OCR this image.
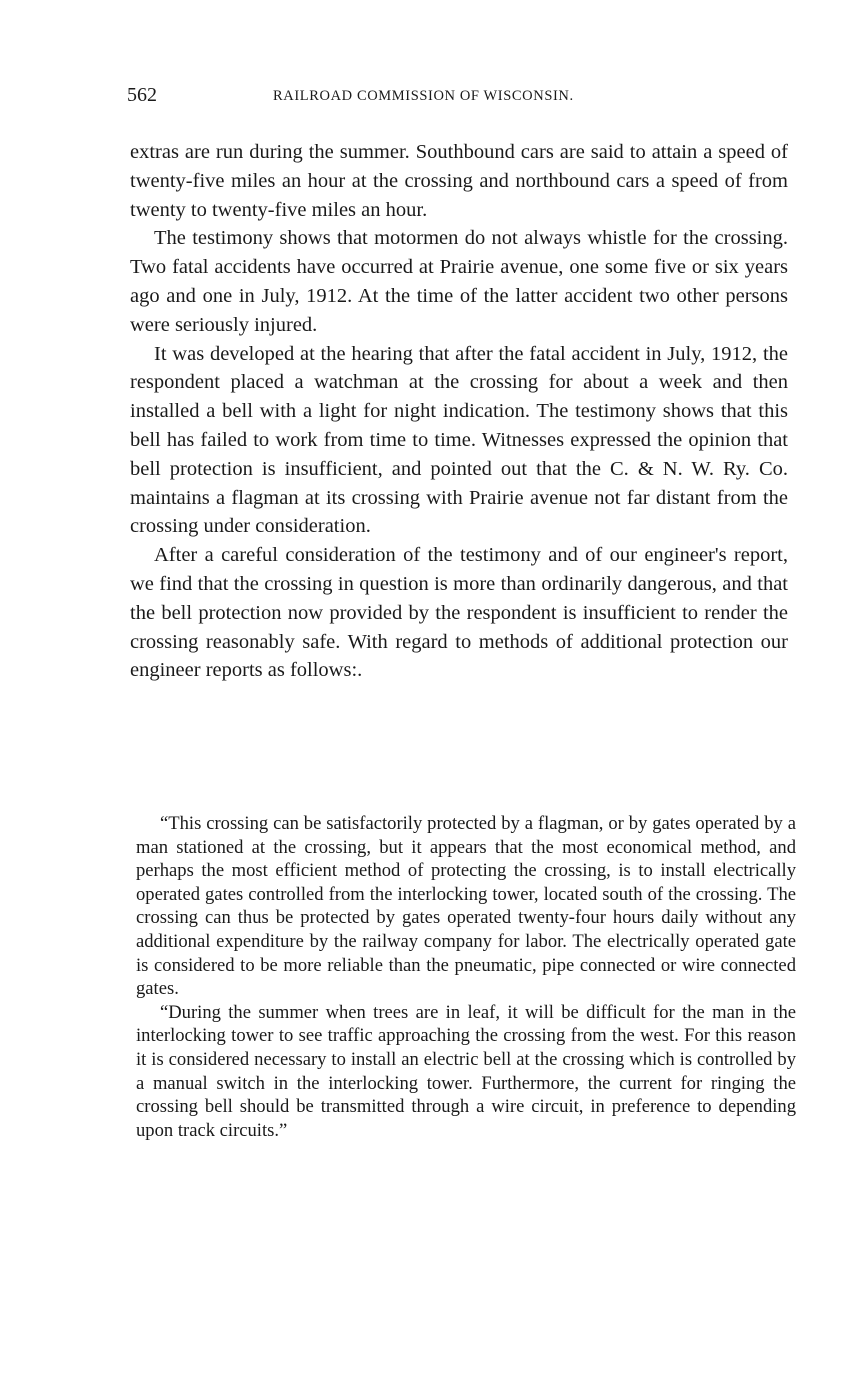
562	RAILROAD COMMISSION OF WISCONSIN.

extras are run during the summer. Southbound cars are said to attain a speed of twenty-five miles an hour at the crossing and northbound cars a speed of from twenty to twenty-five miles an hour.

The testimony shows that motormen do not always whistle for the crossing. Two fatal accidents have occurred at Prairie avenue, one some five or six years ago and one in July, 1912. At the time of the latter accident two other persons were seriously injured.

It was developed at the hearing that after the fatal accident in July, 1912, the respondent placed a watchman at the crossing for about a week and then installed a bell with a light for night indication. The testimony shows that this bell has failed to work from time to time. Witnesses expressed the opinion that bell protection is insufficient, and pointed out that the C. & N. W. Ry. Co. maintains a flagman at its crossing with Prairie avenue not far distant from the crossing under consideration.

After a careful consideration of the testimony and of our engineer's report, we find that the crossing in question is more than ordinarily dangerous, and that the bell protection now provided by the respondent is insufficient to render the crossing reasonably safe. With regard to methods of additional protection our engineer reports as follows:.

“This crossing can be satisfactorily protected by a flagman, or by gates operated by a man stationed at the crossing, but it appears that the most economical method, and perhaps the most efficient method of protecting the crossing, is to install electrically operated gates controlled from the interlocking tower, located south of the crossing. The crossing can thus be protected by gates operated twenty-four hours daily without any additional expenditure by the railway company for labor. The electrically operated gate is considered to be more reliable than the pneumatic, pipe connected or wire connected gates.

“During the summer when trees are in leaf, it will be difficult for the man in the interlocking tower to see traffic approaching the crossing from the west. For this reason it is considered necessary to install an electric bell at the crossing which is controlled by a manual switch in the interlocking tower. Furthermore, the current for ringing the crossing bell should be transmitted through a wire circuit, in preference to depending upon track circuits.”
